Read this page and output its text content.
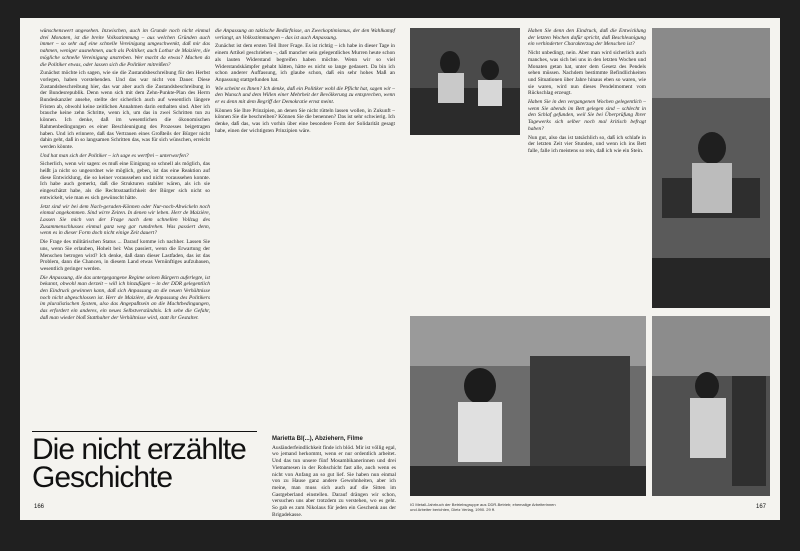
wünschenswert ungesehen. Inzwischen, auch im Grunde noch nicht einmal drei Monaten, ist die breite Volksstimmung – aus welchen Gründen auch immer – so sehr auf eine schnelle Vereinigung umgeschwenkt, daß mir das nahmen, weniger ausnehmen, auch als Politiker, auch Lothar de Maizière, die mögliche schnelle Vereinigung anstreben. Wer macht da etwas? Machen da die Politiker etwas, oder lassen sich die Politiker mitreißen?

Zunächst möchte ich sagen, wie sie die Zustandsbeschreibung für den Herbst vorlegen, haben vorstehenden. Und das war nicht von Dauer. Diese Zustandsbeschreibung hier, das war aber auch die Zustandsbeschreibung in der Bundesrepublik. Denn wenn sich mit dem Zehn-Punkte-Plan des Herrn Bundeskanzler ansehe, stellte der sicherlich auch auf wesentlich längere Fristen ab, obwohl keine zeitlichen Annahmen darin enthalten sind. Aber ich brauche keine zehn Schritte, wenn ich, um das in zwei Schritten tun zu können. Ich denke, daß im wesentlichen die ökonomischen Rahmenbedingungen es einer Beschleunigung des Prozesses beigetragen haben. Und ich erinnere, daß das Vertrauen eines Großteils der Bürger nicht dahin geht, daß in so langsamen Schritten das, was für sich wünschen, erreicht werden könnte.

Und hat man sich der Politiker – ich sage es wertfrei – unterworfen?

Sicherlich, wenn wir sagen: es muß eine Einigung so schnell als möglich, das heißt ja nicht so ungeordnet wie möglich, geben, ist das eine Reaktion auf diese Entwicklung, die so keiner voraussehen und nicht voraussehen konnte. Ich habe auch gemerkt, daß die Strukturen stabiler wären, als ich sie eingeschätzt habe, als die Rechtsstaatlichkeit der Bürger sich nicht so entwickelt, wie man es sich gewünscht hätte.

Jetzt sind wir bei dem Nach-geraden-Können oder Nur-noch-Abwickeln noch einmal angekommen. Sind wirre Zeiten. In denen wir leben. Herr de Maizière, Lassen Sie mich von der Frage nach dem schnellen Vollzug des Zusammenschlusses einmal ganz weg gar rumdrehen. Was passiert denn, wenn es in dieser Form doch nicht einige Zeit dauert?

Die Frage des militärischen Status ... Darauf komme ich nachher. Lassen Sie uns, wenn Sie erlauben, Hoheit bei: Was passiert, wenn die Erwartung der Menschen betrogen wird? Ich denke, daß dann dieser Lastfaden, das ist das Problem, dann die Chancen, in diesem Land etwas Vernünftiges aufzubauen, wesentlich geringer werden.

Die Anpassung, die das untergegangene Regime seinen Bürgern auferlegte, ist bekannt, obwohl man derzeit – will ich hinzufügen – in der DDR gelegentlich den Eindruck gewinnen kann, daß sich Anpassung an die neuen Verhältnisse noch nicht abgeschlossen ist. Herr de Maizière, die Anpassung des Politikers im pluralistischen System, also das Angepaßtsein an die Machtbedingungen, das erfordert ein anderes, ein neues Selbstverständnis. Ich sehe die Gefahr, daß man wieder bloß Statthalter der Verhältnisse wird, statt ihr Gestalter.

die Anpassung an taktische Bedürfnisse, an Zweckoptimismus, der den Wahlkampf verlangt, an Volksstimmungen – das ist auch Anpassung.

Zunächst ist dem ersten Teil Ihrer Frage. Es ist richtig – ich habe in dieser Tage in einem Artikel geschrieben –, daß mancher sein gelegentliches Murren heute schon als lauten Widerstand begreifen haben möchte. Wenn wir so viel Widerstandskämpfer gehabt hätten, hätte es nicht so lange gedauert. Da bin ich schon anderer Auffassung, ich glaube schon, daß ein sehr hohes Maß an Anpassung stattgefunden hat.

Wie scheint es Ihnen? Ich denke, daß ein Politiker wohl die Pflicht hat, sagen wir – den Wunsch und dem Willen einer Mehrheit der Bevölkerung zu entsprechen, wenn er es denn mit dem Begriff der Demokratie ernst meint.

Können Sie Ihre Prinzipien, an denen Sie nicht rütteln lassen wollen, in Zukunft – können Sie die beschreiben? Können Sie die benennen? Das ist sehr schwierig. Ich denke, daß das, was ich vorhin über eine besondere Form der Solidarität gesagt habe, einen der wichtigsten Prinzipien wäre.

Die nicht erzählte Geschichte
166

Marietta Bl(...), Abziehern, Filme

Ausländerfeindlichkeit finde ich blöd. Mir ist völlig egal, wo jemand herkommt, wenn er nur ordentlich arbeitet. Und das tun unsere fünf Mosambikanerinnen und drei Vietnamesen in der Rohschicht fast alle, auch wenn es nicht von Anfang an so gut lief. Sie haben nun einmal von zu Hause ganz andere Gewohnheiten, aber ich meine, man muss sich auch auf die Sitten im Gastgeberland einstellen. Darauf drängen wir schon, versuchen uns aber trotzdem zu verstehen, wo es geht. So gab es zum Nikolaus für jeden ein Geschenk aus der Brigadekasse.

Haben Sie denn den Eindruck, daß die Entwicklung der letzten Wochen dafür spricht, daß Beschleunigung ein verhinderter Charakterzug der Menschen ist?

Nicht unbedingt, nein. Aber man wird sicherlich auch manches, was sich bei uns in den letzten Wochen und Monaten getan hat, unter dem Gesetz des Pendels sehen müssen. Nachdem bestimmte Befindlichkeiten und Situationen über Jahre hinaus eben so waren, wie sie waren, wird nun dieses Pendelmoment vom Rückschlag erzeugt.

Haben Sie in den vergangenen Wochen gelegentlich – wenn Sie abends im Bett gelegen sind – schlecht in den Schlaf gefunden, weil Sie bei Überprüfung Ihrer Tagewerks sich selber noch mal kritisch befragt haben?

Nun gut, also das ist tatsächlich so, daß ich schlafe in der letzten Zeit vier Stunden, und wenn ich ins Bett falle, falle ich meistens so rein, daß ich wie ein Stein.

IG Metall-Jahrbuch der Betriebsgruppe aus DDR-Betrieb; ehemalige Arbeiterinnen und Arbeiter berichten, Dietz Verlag, 1990. 29 ff.	167
